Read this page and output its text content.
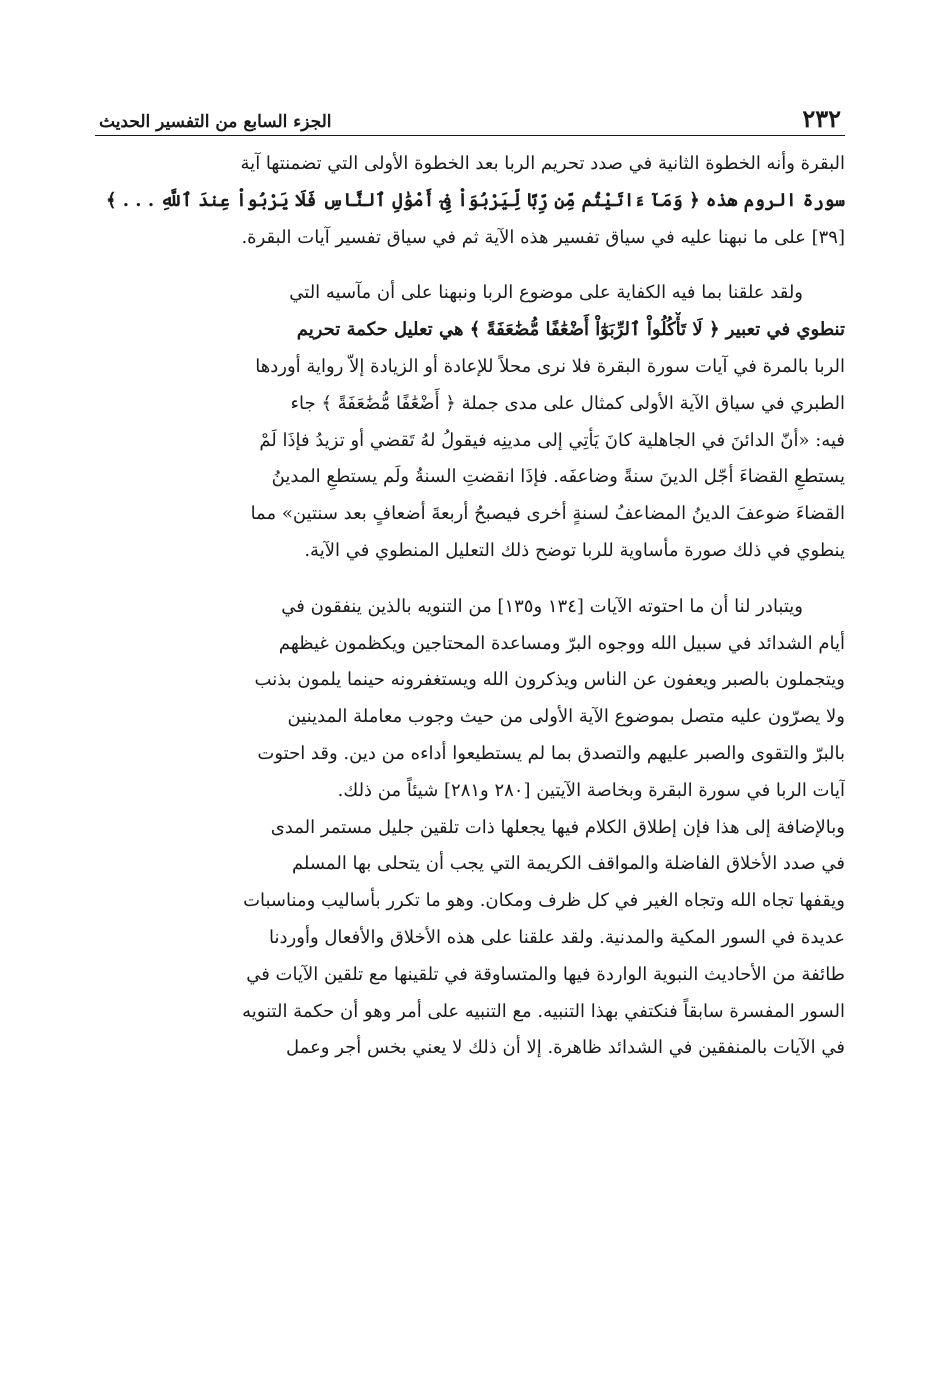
٢٣٢
الجزء السابع من التفسير الحديث

البقرة وأنه الخطوة الثانية في صدد تحريم الربا بعد الخطوة الأولى التي تضمنتها آية
سورة الروم هذه ﴿ وَمَآ ءَاتَيْتُم مِّن رِّبًا لِّيَرْبُوَاْ فِىٓ أَمْوَٰلِ ٱلنَّاسِ فَلَا يَرْبُواْ عِندَ ٱللَّهِ . . . ﴾
[٣٩] على ما نبهنا عليه في سياق تفسير هذه الآية ثم في سياق تفسير آيات البقرة.

ولقد علقنا بما فيه الكفاية على موضوع الربا ونبهنا على أن مآسيه التي
تنطوي في تعبير ﴿ لَا تَأْكُلُواْ ٱلرِّبَوٰٓاْ أَضْعَٰفًا مُّضَٰعَفَةً ﴾ هي تعليل حكمة تحريم
الربا بالمرة في آيات سورة البقرة فلا نرى محلاً للإعادة أو الزيادة إلاّ رواية أوردها
الطبري في سياق الآية الأولى كمثال على مدى جملة ﴿ أَضْعَٰفًا مُّضَٰعَفَةً ﴾ جاء
فيه: «أنّ الدائنَ في الجاهلية كانَ يَأتِي إلى مدينِه فيقولُ لهُ تَقضي أو تزيدُ فإذَا لَمْ
يستطعِ القضاءَ أجّل الدينَ سنةً وضاعفَه. فإذَا انقضتِ السنةُ ولَم يستطعِ المدينُ
القضاءَ ضوعفَ الدينُ المضاعفُ لسنةٍ أخرى فيصبحُ أربعةَ أضعافٍ بعد سنتين» مما
ينطوي في ذلك صورة مأساوية للربا توضح ذلك التعليل المنطوي في الآية.

ويتبادر لنا أن ما احتوته الآيات [١٣٤ و١٣٥] من التنويه بالذين ينفقون في
أيام الشدائد في سبيل الله ووجوه البرّ ومساعدة المحتاجين ويكظمون غيظهم
ويتجملون بالصبر ويعفون عن الناس ويذكرون الله ويستغفرونه حينما يلمون بذنب
ولا يصرّون عليه متصل بموضوع الآية الأولى من حيث وجوب معاملة المدينين
بالبرّ والتقوى والصبر عليهم والتصدق بما لم يستطيعوا أداءه من دين. وقد احتوت
آيات الربا في سورة البقرة وبخاصة الآيتين [٢٨٠ و٢٨١] شيئاً من ذلك.
وبالإضافة إلى هذا فإن إطلاق الكلام فيها يجعلها ذات تلقين جليل مستمر المدى
في صدد الأخلاق الفاضلة والمواقف الكريمة التي يجب أن يتحلى بها المسلم
ويقفها تجاه الله وتجاه الغير في كل ظرف ومكان. وهو ما تكرر بأساليب ومناسبات
عديدة في السور المكية والمدنية. ولقد علقنا على هذه الأخلاق والأفعال وأوردنا
طائفة من الأحاديث النبوية الواردة فيها والمتساوقة في تلقينها مع تلقين الآيات في
السور المفسرة سابقاً فنكتفي بهذا التنبيه. مع التنبيه على أمر وهو أن حكمة التنويه
في الآيات بالمنفقين في الشدائد ظاهرة. إلا أن ذلك لا يعني بخس أجر وعمل
